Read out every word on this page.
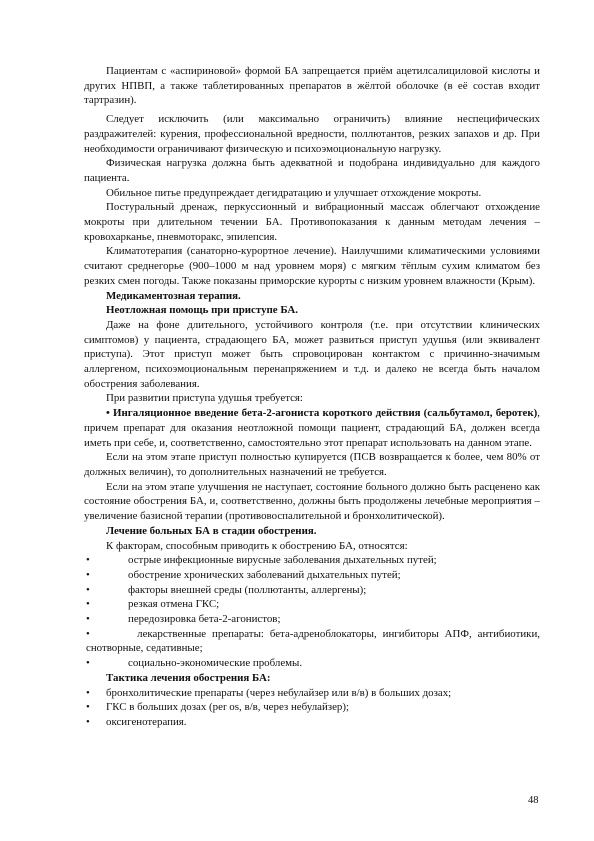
Пациентам с «аспириновой» формой БА запрещается приём ацетилсалициловой кислоты и других НПВП, а также таблетированных препаратов в жёлтой оболочке (в её состав входит тартразин).

Следует исключить (или максимально ограничить) влияние неспецифических раздражителей: курения, профессиональной вредности, поллютантов, резких запахов и др. При необходимости ограничивают физическую и психоэмоциональную нагрузку.

Физическая нагрузка должна быть адекватной и подобрана индивидуально для каждого пациента.

Обильное питье предупреждает дегидратацию и улучшает отхождение мокроты.

Постуральный дренаж, перкуссионный и вибрационный массаж облегчают отхождение мокроты при длительном течении БА. Противопоказания к данным методам лечения – кровохарканье, пневмоторакс, эпилепсия.

Климатотерапия (санаторно-курортное лечение). Наилучшими климатическими условиями считают среднегорье (900–1000 м над уровнем моря) с мягким тёплым сухим климатом без резких смен погоды. Также показаны приморские курорты с низким уровнем влажности (Крым).

Медикаментозная терапия.
Неотложная помощь при приступе БА.

Даже на фоне длительного, устойчивого контроля (т.е. при отсутствии клинических симптомов) у пациента, страдающего БА, может развиться приступ удушья (или эквивалент приступа). Этот приступ может быть спровоцирован контактом с причинно-значимым аллергеном, психоэмоциональным перенапряжением и т.д. и далеко не всегда быть началом обострения заболевания.

При развитии приступа удушья требуется:

• Ингаляционное введение бета-2-агониста короткого действия (сальбутамол, беротек), причем препарат для оказания неотложной помощи пациент, страдающий БА, должен всегда иметь при себе, и, соответственно, самостоятельно этот препарат использовать на данном этапе.

Если на этом этапе приступ полностью купируется (ПСВ возвращается к более, чем 80% от должных величин), то дополнительных назначений не требуется.

Если на этом этапе улучшения не наступает, состояние больного должно быть расценено как состояние обострения БА, и, соответственно, должны быть продолжены лечебные мероприятия – увеличение базисной терапии (противовоспалительной и бронхолитической).

Лечение больных БА в стадии обострения.

К факторам, способным приводить к обострению БА, относятся:

•	острые инфекционные вирусные заболевания дыхательных путей;
•	обострение хронических заболеваний дыхательных путей;
•	факторы внешней среды (поллютанты, аллергены);
•	резкая отмена ГКС;
•	передозировка бета-2-агонистов;

•	лекарственные препараты: бета-адреноблокаторы, ингибиторы АПФ, антибиотики, снотворные, седативные;

•	социально-экономические проблемы.
Тактика лечения обострения БА:
• бронхолитические препараты (через небулайзер или в/в) в больших дозах;
• ГКС в больших дозах (per os, в/в, через небулайзер);
• оксигенотерапия.
48
